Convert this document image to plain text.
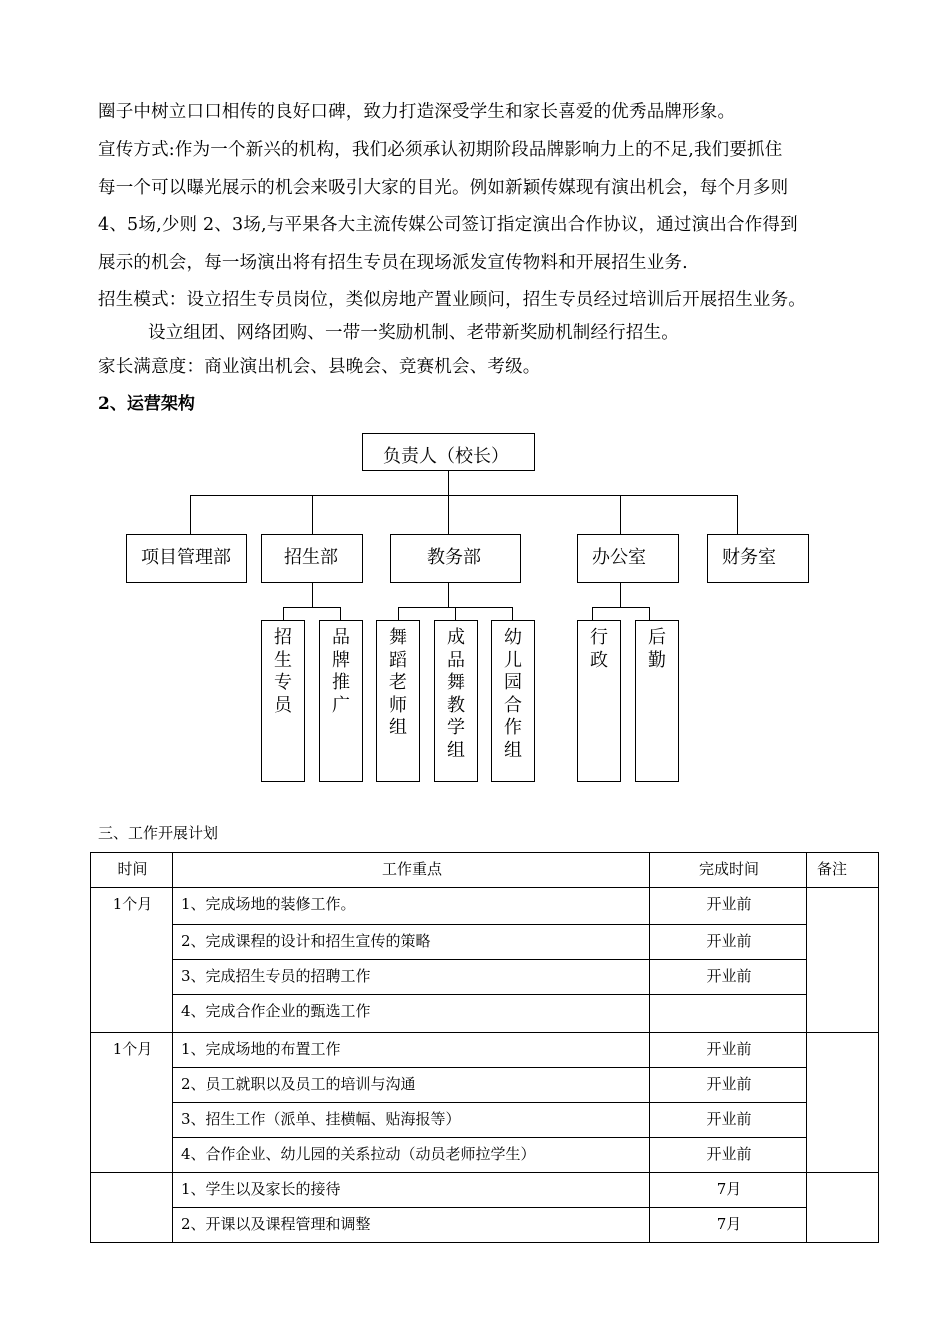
圈子中树立口口相传的良好口碑，致力打造深受学生和家长喜爱的优秀品牌形象。
宣传方式:作为一个新兴的机构，我们必须承认初期阶段品牌影响力上的不足,我们要抓住
每一个可以曝光展示的机会来吸引大家的目光。例如新颖传媒现有演出机会，每个月多则
4、5场,少则 2、3场,与平果各大主流传媒公司签订指定演出合作协议，通过演出合作得到
展示的机会，每一场演出将有招生专员在现场派发宣传物料和开展招生业务.
招生模式：设立招生专员岗位，类似房地产置业顾问，招生专员经过培训后开展招生业务。
设立组团、网络团购、一带一奖励机制、老带新奖励机制经行招生。
家长满意度：商业演出机会、县晚会、竞赛机会、考级。
2、运营架构
负责人（校长）
项目管理部	招生部	教务部	办公室	财务室
招
生
专
员
品
牌
推
广
舞
蹈
老
师
组
成
品
舞
教
学
组
幼
儿
园
合
作
组
行
政
后
勤
三、工作开展计划
时间	工作重点	完成时间	备注
1个月	1、完成场地的装修工作。	开业前	
	2、完成课程的设计和招生宣传的策略	开业前	
	3、完成招生专员的招聘工作	开业前	
	4、完成合作企业的甄选工作		
1个月	1、完成场地的布置工作	开业前	
	2、员工就职以及员工的培训与沟通	开业前	
	3、招生工作（派单、挂横幅、贴海报等）	开业前	
	4、合作企业、幼儿园的关系拉动（动员老师拉学生）	开业前	
	1、学生以及家长的接待	7月	
	2、开课以及课程管理和调整	7月	
